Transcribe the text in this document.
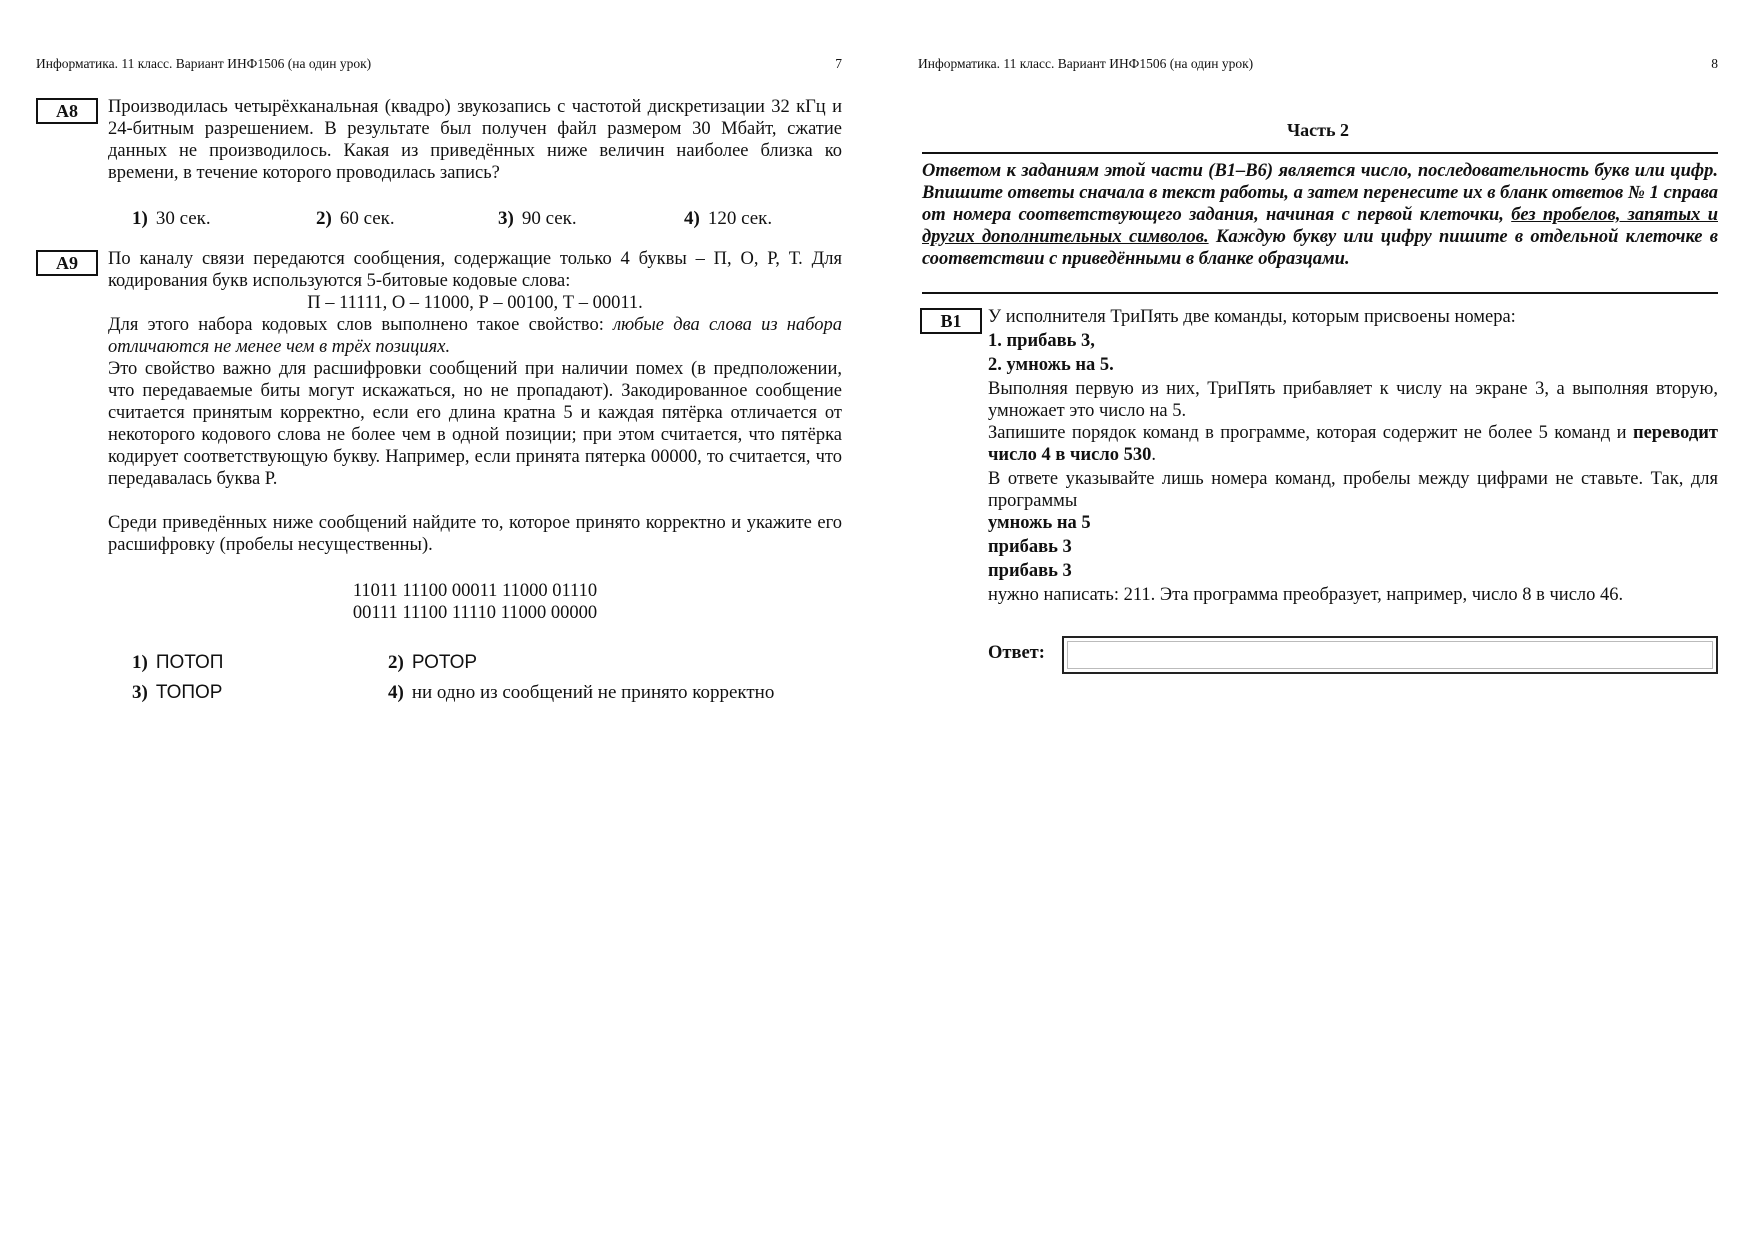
Информатика. 11 класс. Вариант ИНФ1506 (на один урок)	7
A8	Производилась четырёхканальная (квадро) звукозапись с частотой дискретизации 32 кГц и 24-битным разрешением. В результате был получен файл размером 30 Мбайт, сжатие данных не производилось. Какая из приведённых ниже величин наиболее близка ко времени, в течение которого проводилась запись?
1) 30 сек.	2) 60 сек.	3) 90 сек.	4) 120 сек.
A9	По каналу связи передаются сообщения, содержащие только 4 буквы – П, О, Р, Т. Для кодирования букв используются 5-битовые кодовые слова:
П – 11111, О – 11000, Р – 00100, Т – 00011.
Для этого набора кодовых слов выполнено такое свойство: любые два слова из набора отличаются не менее чем в трёх позициях.
Это свойство важно для расшифровки сообщений при наличии помех (в предположении, что передаваемые биты могут искажаться, но не пропадают). Закодированное сообщение считается принятым корректно, если его длина кратна 5 и каждая пятёрка отличается от некоторого кодового слова не более чем в одной позиции; при этом считается, что пятёрка кодирует соответствующую букву. Например, если принята пятерка 00000, то считается, что передавалась буква Р.
Среди приведённых ниже сообщений найдите то, которое принято корректно и укажите его расшифровку (пробелы несущественны).
11011 11100 00011 11000 01110
00111 11100 11110 11000 00000
1) ПОТОП	2) РОТОР
3) ТОПОР	4) ни одно из сообщений не принято корректно
Информатика. 11 класс. Вариант ИНФ1506 (на один урок)	8
Часть 2
Ответом к заданиям этой части (В1–В6) является число, последовательность букв или цифр. Впишите ответы сначала в текст работы, а затем перенесите их в бланк ответов № 1 справа от номера соответствующего задания, начиная с первой клеточки, без пробелов, запятых и других дополнительных символов. Каждую букву или цифру пишите в отдельной клеточке в соответствии с приведёнными в бланке образцами.
B1	У исполнителя ТриПять две команды, которым присвоены номера:
1. прибавь 3,
2. умножь на 5.
Выполняя первую из них, ТриПять прибавляет к числу на экране 3, а выполняя вторую, умножает это число на 5.
Запишите порядок команд в программе, которая содержит не более 5 команд и переводит число 4 в число 530.
В ответе указывайте лишь номера команд, пробелы между цифрами не ставьте. Так, для программы
умножь на 5
прибавь 3
прибавь 3
нужно написать: 211. Эта программа преобразует, например, число 8 в число 46.
Ответ:
